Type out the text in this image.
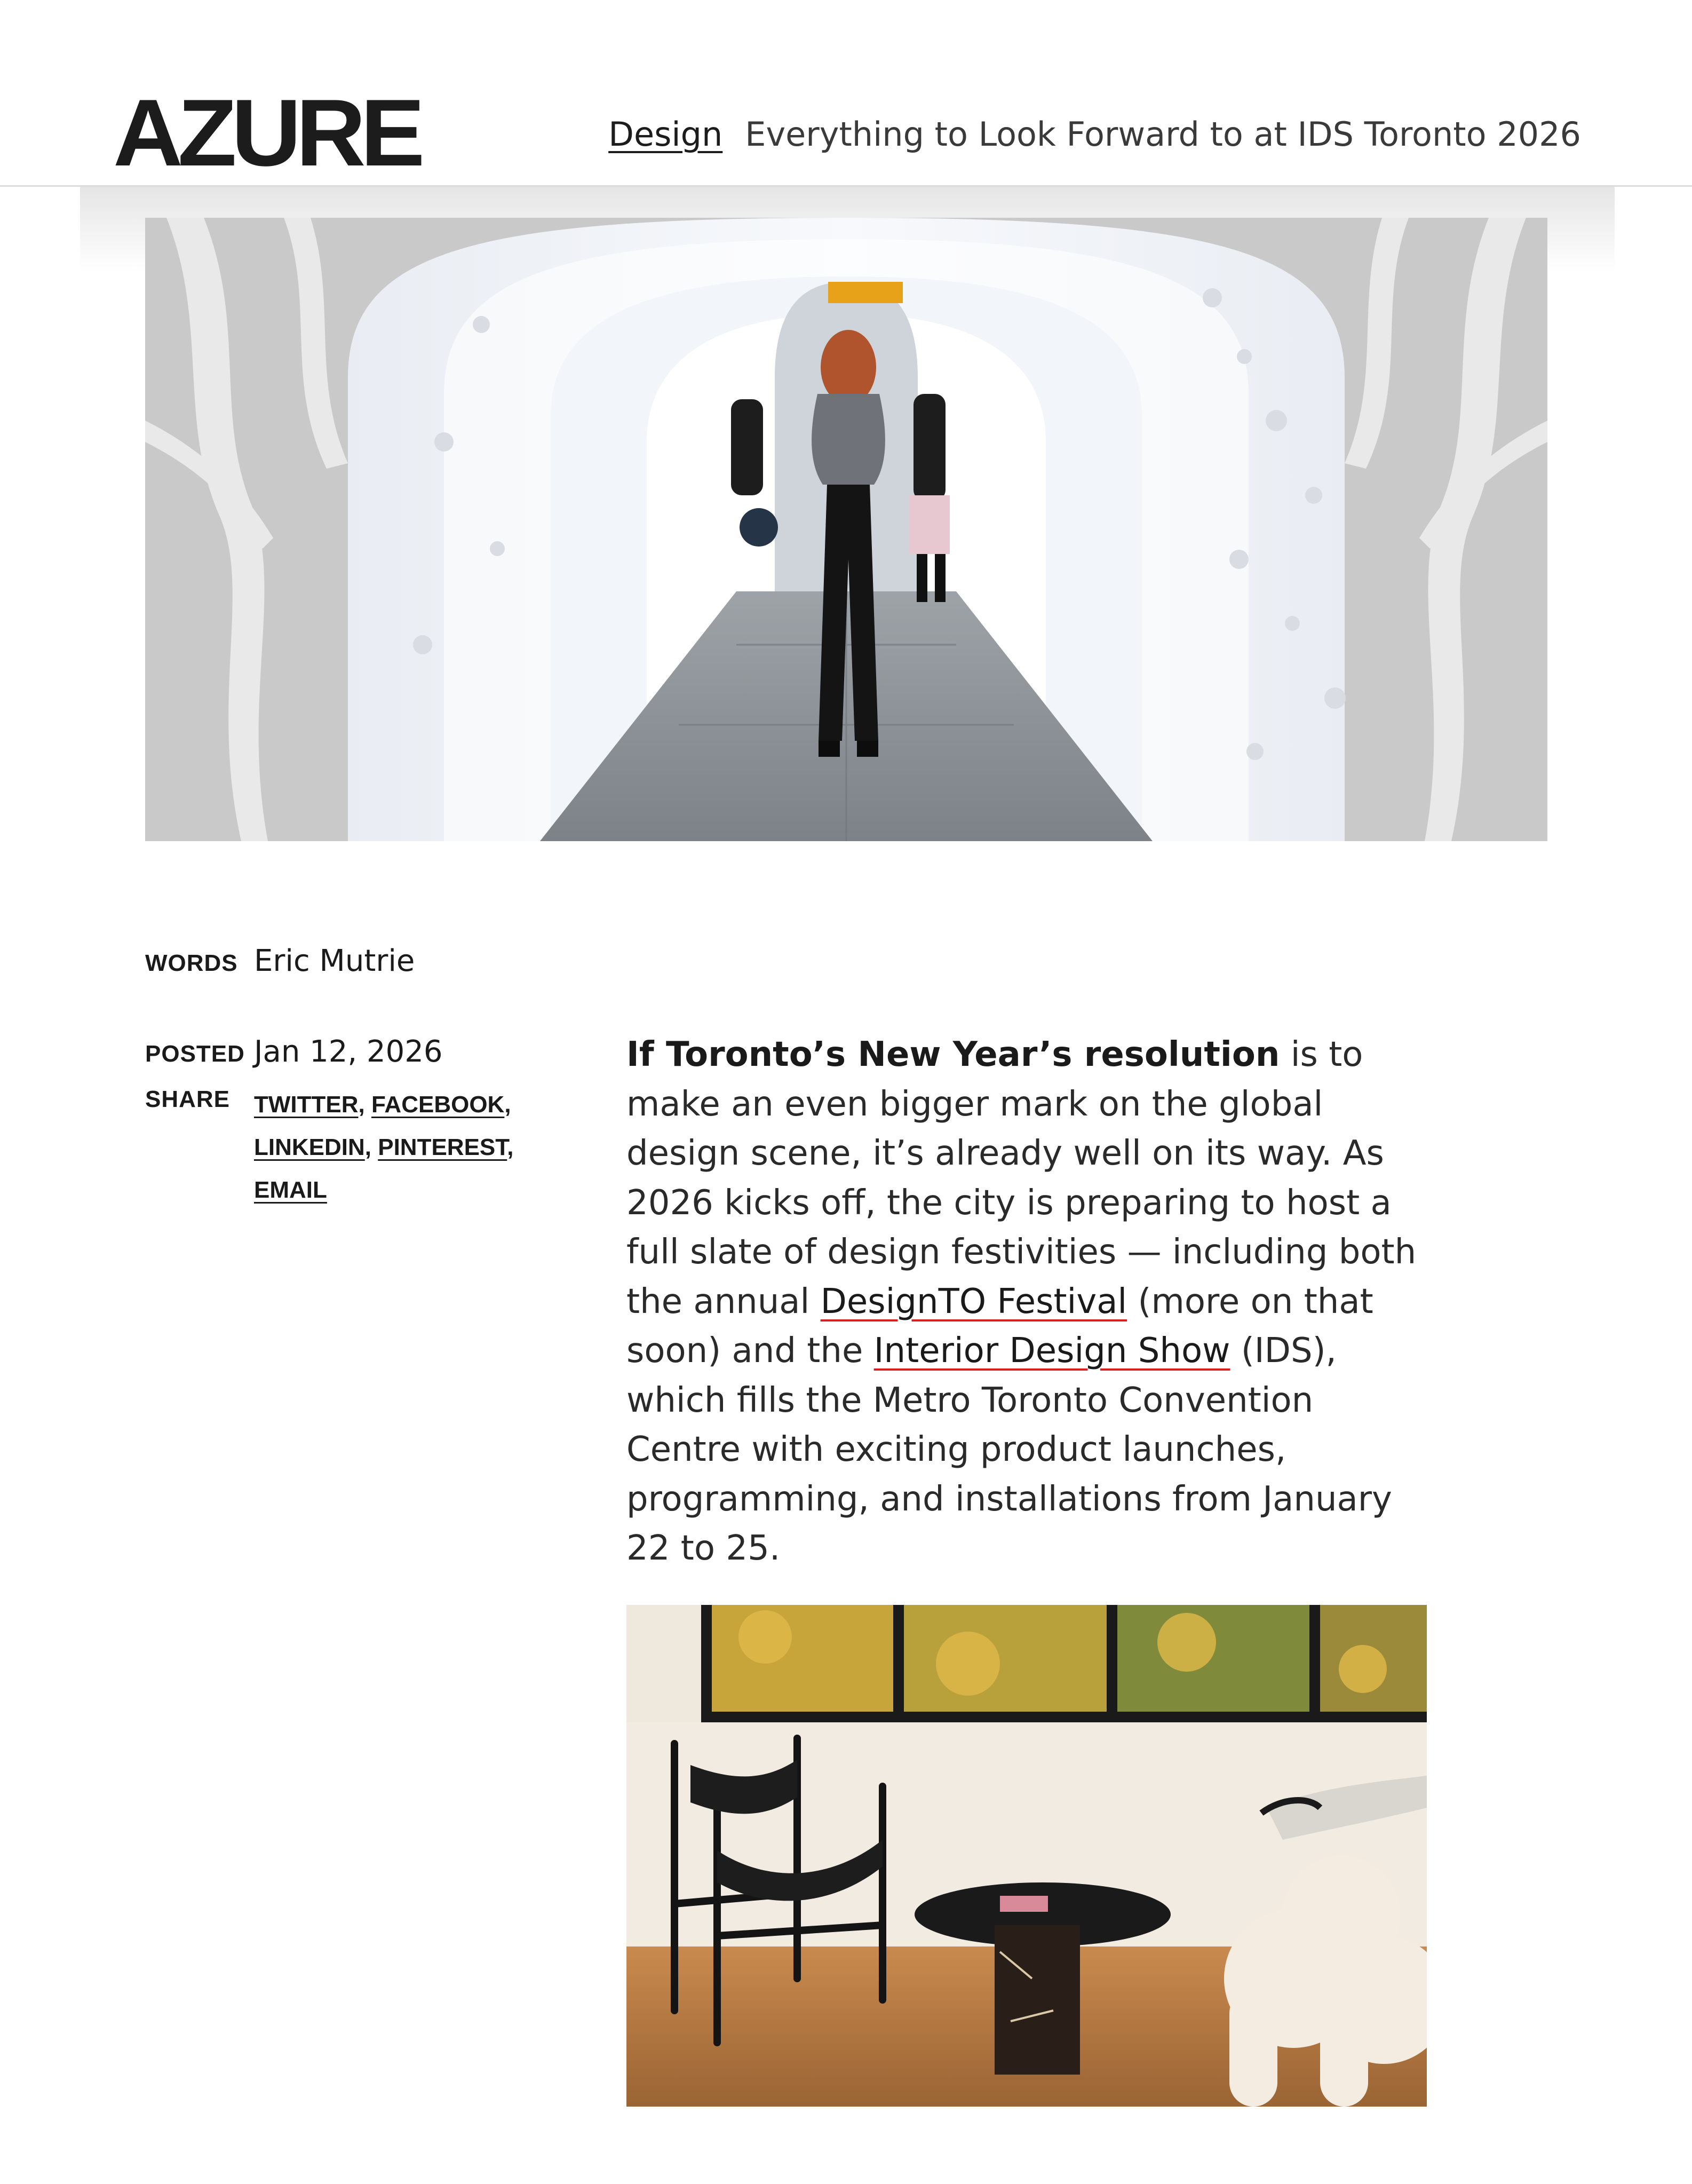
AZURE	Design Everything to Look Forward to at IDS Toronto 2026
WORDS Eric Mutrie
POSTED Jan 12, 2026
SHARE TWITTER, FACEBOOK,
LINKEDIN, PINTEREST, EMAIL
If Toronto’s New Year’s resolution is to make an even bigger mark on the global design scene, it’s already well on its way. As 2026 kicks off, the city is preparing to host a full slate of design festivities — including both the annual DesignTO Festival (more on that soon) and the Interior Design Show (IDS), which fills the Metro Toronto Convention Centre with exciting product launches, programming, and installations from January 22 to 25.
